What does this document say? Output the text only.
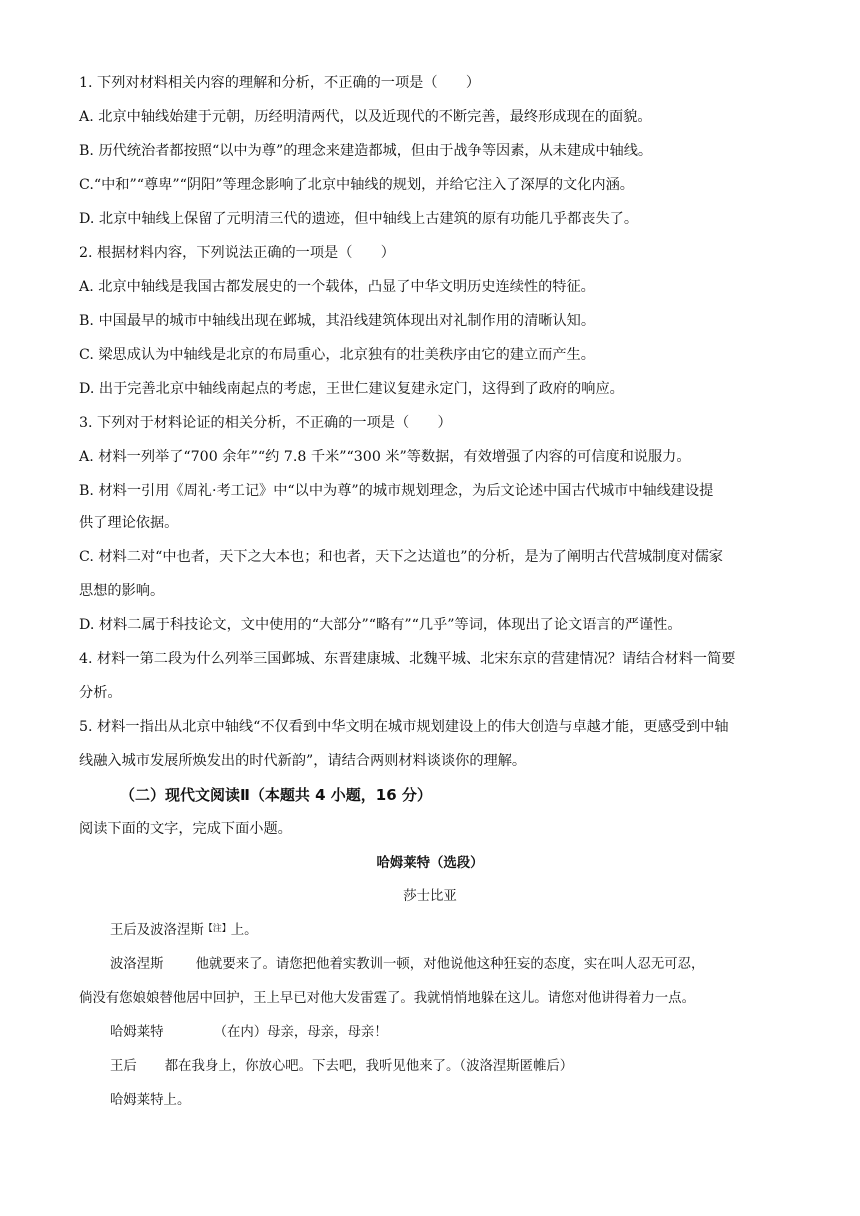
1. 下列对材料相关内容的理解和分析，不正确的一项是（　　）
A. 北京中轴线始建于元朝，历经明清两代，以及近现代的不断完善，最终形成现在的面貌。
B. 历代统治者都按照“以中为尊”的理念来建造都城，但由于战争等因素，从未建成中轴线。
C.“中和”“尊卑”“阴阳”等理念影响了北京中轴线的规划，并给它注入了深厚的文化内涵。
D. 北京中轴线上保留了元明清三代的遗迹，但中轴线上古建筑的原有功能几乎都丧失了。
2. 根据材料内容，下列说法正确的一项是（　　）
A. 北京中轴线是我国古都发展史的一个载体，凸显了中华文明历史连续性的特征。
B. 中国最早的城市中轴线出现在邺城，其沿线建筑体现出对礼制作用的清晰认知。
C. 梁思成认为中轴线是北京的布局重心，北京独有的壮美秩序由它的建立而产生。
D. 出于完善北京中轴线南起点的考虑，王世仁建议复建永定门，这得到了政府的响应。
3. 下列对于材料论证的相关分析，不正确的一项是（　　）
A. 材料一列举了“700 余年”“约 7.8 千米”“300 米”等数据，有效增强了内容的可信度和说服力。
B. 材料一引用《周礼·考工记》中“以中为尊”的城市规划理念，为后文论述中国古代城市中轴线建设提
供了理论依据。
C. 材料二对“中也者，天下之大本也；和也者，天下之达道也”的分析，是为了阐明古代营城制度对儒家
思想的影响。
D. 材料二属于科技论文，文中使用的“大部分”“略有”“几乎”等词，体现出了论文语言的严谨性。
4. 材料一第二段为什么列举三国邺城、东晋建康城、北魏平城、北宋东京的营建情况？请结合材料一简要
分析。
5. 材料一指出从北京中轴线“不仅看到中华文明在城市规划建设上的伟大创造与卓越才能，更感受到中轴
线融入城市发展所焕发出的时代新韵”，请结合两则材料谈谈你的理解。
（二）现代文阅读Ⅱ（本题共 4 小题，16 分）
阅读下面的文字，完成下面小题。
哈姆莱特（选段）
莎士比亚
王后及波洛涅斯$^{【注】}$上。
波洛涅斯 他就要来了。请您把他着实教训一顿，对他说他这种狂妄的态度，实在叫人忍无可忍，
倘没有您娘娘替他居中回护，王上早已对他大发雷霆了。我就悄悄地躲在这儿。请您对他讲得着力一点。
哈姆莱特	（在内）母亲，母亲，母亲！
王后 都在我身上，你放心吧。下去吧，我听见他来了。（波洛涅斯匿帷后）
哈姆莱特上。
